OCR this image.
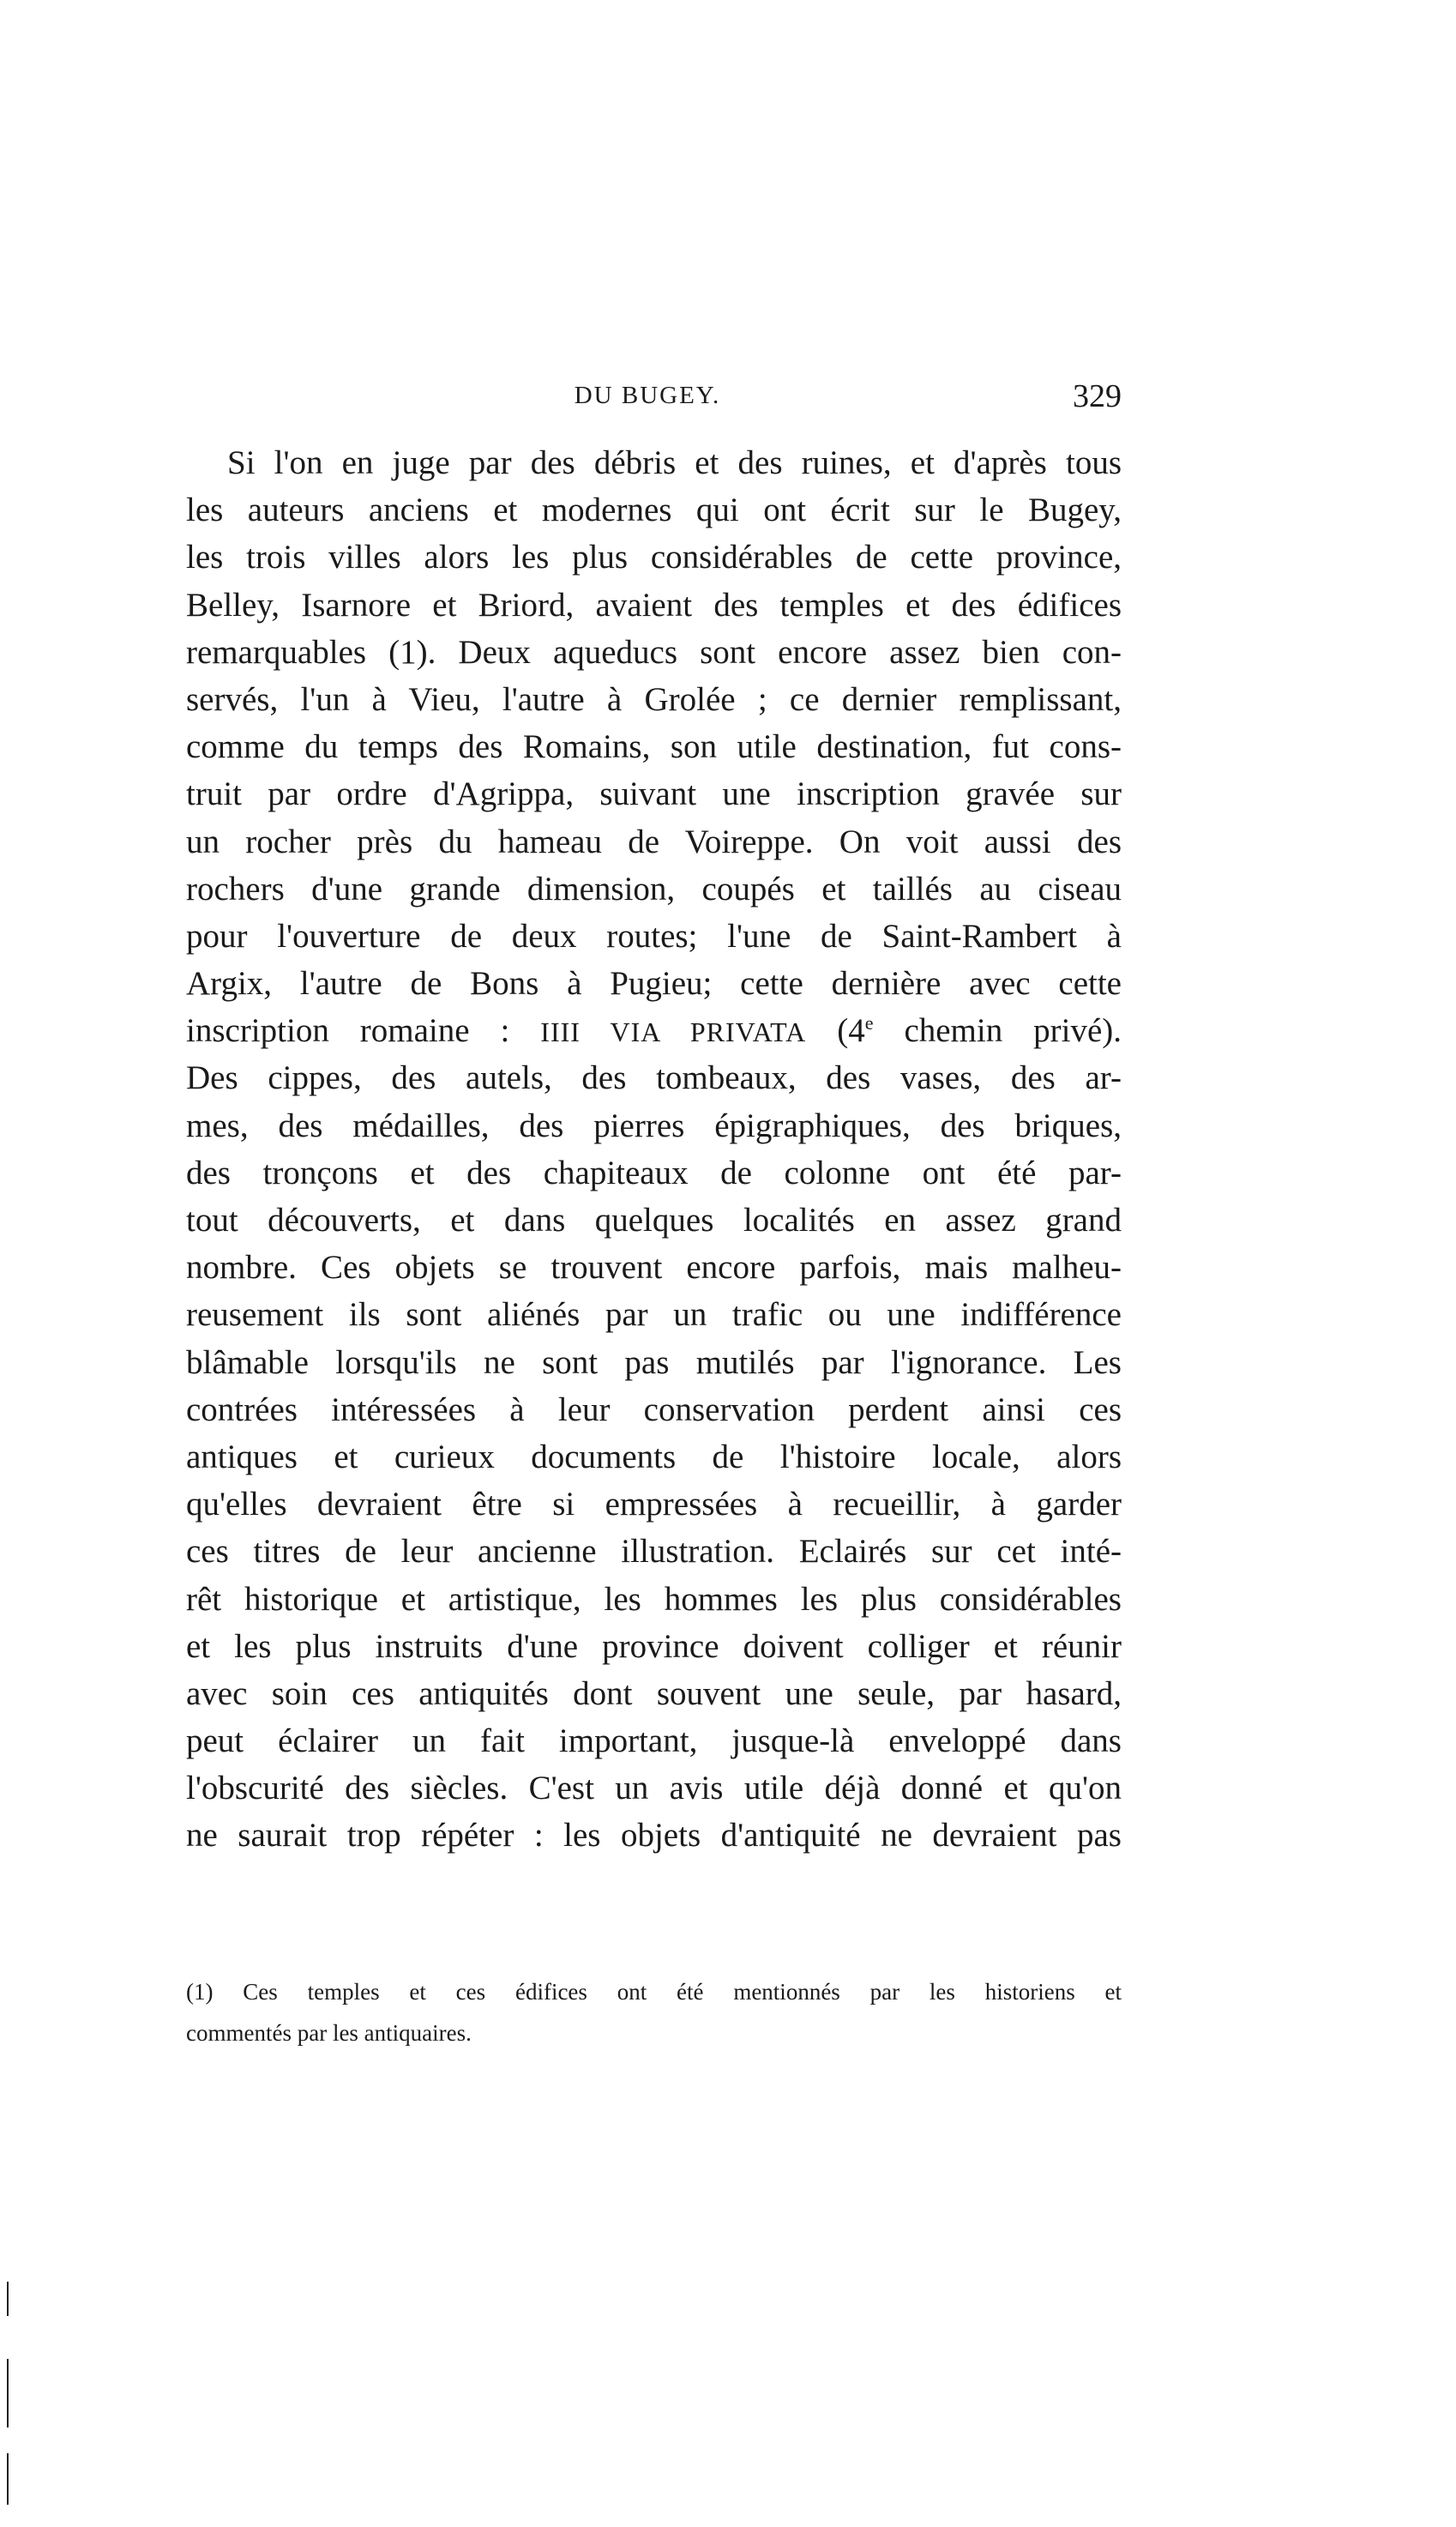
DU BUGEY.	329
Si l'on en juge par des débris et des ruines, et d'après tous
les auteurs anciens et modernes qui ont écrit sur le Bugey,
les trois villes alors les plus considérables de cette province,
Belley, Isarnore et Briord, avaient des temples et des édifices
remarquables (1). Deux aqueducs sont encore assez bien con-
servés, l'un à Vieu, l'autre à Grolée ; ce dernier remplissant,
comme du temps des Romains, son utile destination, fut cons-
truit par ordre d'Agrippa, suivant une inscription gravée sur
un rocher près du hameau de Voireppe. On voit aussi des
rochers d'une grande dimension, coupés et taillés au ciseau
pour l'ouverture de deux routes; l'une de Saint-Rambert à
Argix, l'autre de Bons à Pugieu; cette dernière avec cette
inscription romaine : IIII VIA PRIVATA (4e chemin privé).
Des cippes, des autels, des tombeaux, des vases, des ar-
mes, des médailles, des pierres épigraphiques, des briques,
des tronçons et des chapiteaux de colonne ont été par-
tout découverts, et dans quelques localités en assez grand
nombre. Ces objets se trouvent encore parfois, mais malheu-
reusement ils sont aliénés par un trafic ou une indifférence
blâmable lorsqu'ils ne sont pas mutilés par l'ignorance. Les
contrées intéressées à leur conservation perdent ainsi ces
antiques et curieux documents de l'histoire locale, alors
qu'elles devraient être si empressées à recueillir, à garder
ces titres de leur ancienne illustration. Eclairés sur cet inté-
rêt historique et artistique, les hommes les plus considérables
et les plus instruits d'une province doivent colliger et réunir
avec soin ces antiquités dont souvent une seule, par hasard,
peut éclairer un fait important, jusque-là enveloppé dans
l'obscurité des siècles. C'est un avis utile déjà donné et qu'on
ne saurait trop répéter : les objets d'antiquité ne devraient pas
(1) Ces temples et ces édifices ont été mentionnés par les historiens et
commentés par les antiquaires.
